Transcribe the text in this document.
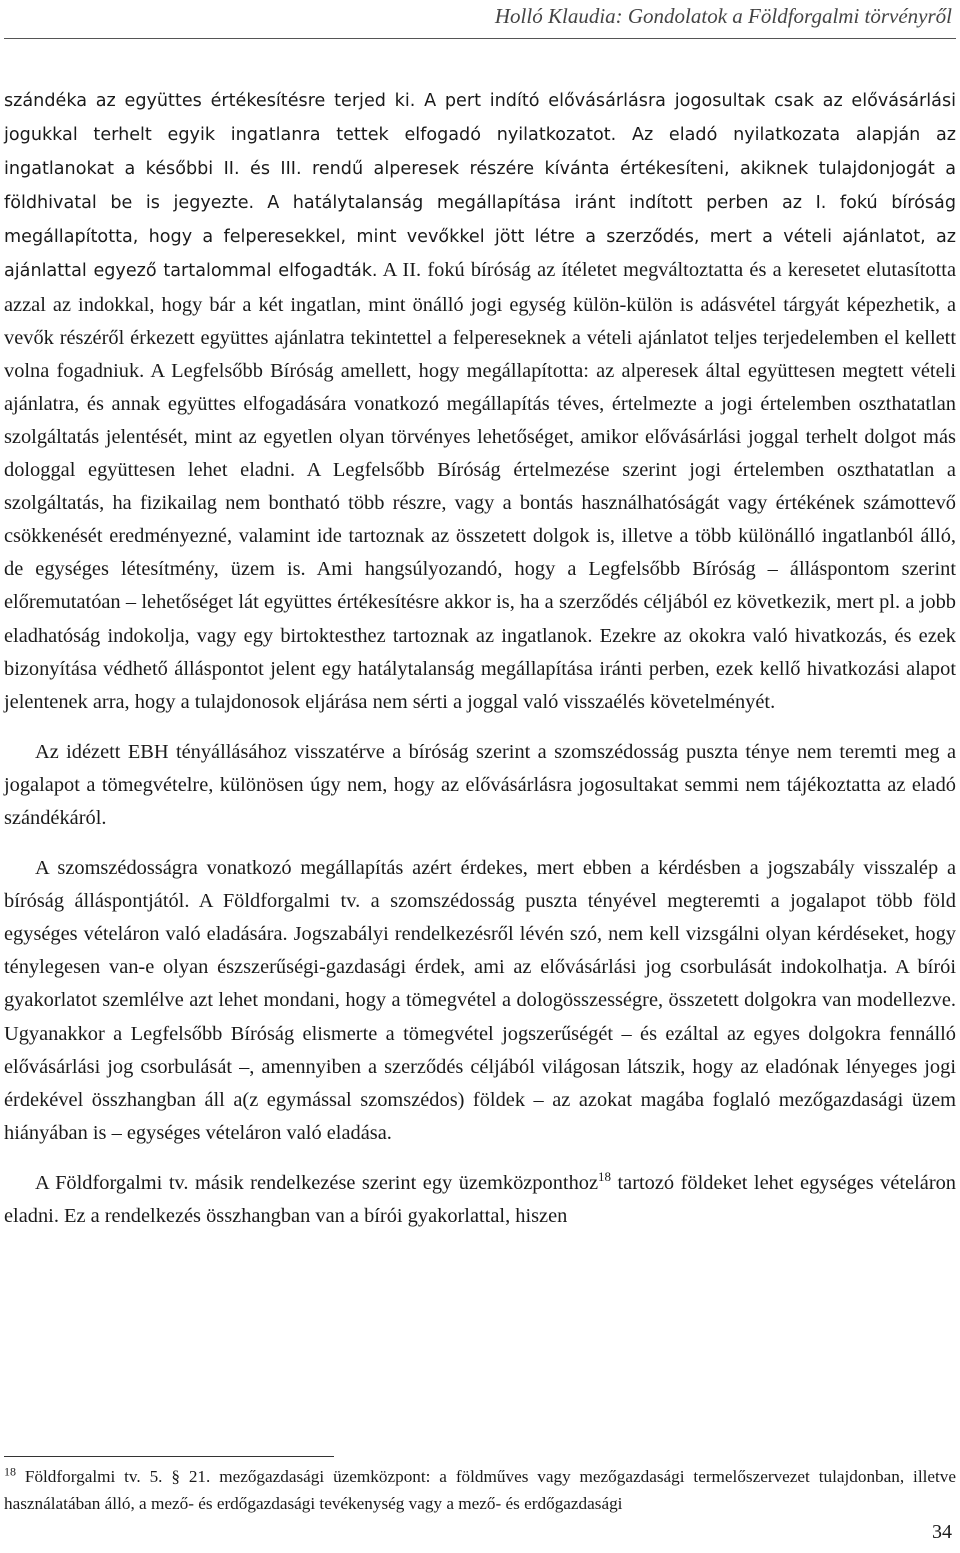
Holló Klaudia: Gondolatok a Földforgalmi törvényről

szándéka az együttes értékesítésre terjed ki. A pert indító elővásárlásra jogosultak csak az elővásárlási jogukkal terhelt egyik ingatlanra tettek elfogadó nyilatkozatot. Az eladó nyilatkozata alapján az ingatlanokat a későbbi II. és III. rendű alperesek részére kívánta értékesíteni, akiknek tulajdonjogát a földhivatal be is jegyezte. A hatálytalanság megállapítása iránt indított perben az I. fokú bíróság megállapította, hogy a felperesekkel, mint vevőkkel jött létre a szerződés, mert a vételi ajánlatot, az ajánlattal egyező tartalommal elfogadták. A II. fokú bíróság az ítéletet megváltoztatta és a keresetet elutasította azzal az indokkal, hogy bár a két ingatlan, mint önálló jogi egység külön-külön is adásvétel tárgyát képezhetik, a vevők részéről érkezett együttes ajánlatra tekintettel a felpereseknek a vételi ajánlatot teljes terjedelemben el kellett volna fogadniuk. A Legfelsőbb Bíróság amellett, hogy megállapította: az alperesek által együttesen megtett vételi ajánlatra, és annak együttes elfogadására vonatkozó megállapítás téves, értelmezte a jogi értelemben oszthatatlan szolgáltatás jelentését, mint az egyetlen olyan törvényes lehetőséget, amikor elővásárlási joggal terhelt dolgot más dologgal együttesen lehet eladni. A Legfelsőbb Bíróság értelmezése szerint jogi értelemben oszthatatlan a szolgáltatás, ha fizikailag nem bontható több részre, vagy a bontás használhatóságát vagy értékének számottevő csökkenését eredményezné, valamint ide tartoznak az összetett dolgok is, illetve a több különálló ingatlanból álló, de egységes létesítmény, üzem is. Ami hangsúlyozandó, hogy a Legfelsőbb Bíróság – álláspontom szerint előremutatóan – lehetőséget lát együttes értékesítésre akkor is, ha a szerződés céljából ez következik, mert pl. a jobb eladhatóság indokolja, vagy egy birtoktesthez tartoznak az ingatlanok. Ezekre az okokra való hivatkozás, és ezek bizonyítása védhető álláspontot jelent egy hatálytalanság megállapítása iránti perben, ezek kellő hivatkozási alapot jelentenek arra, hogy a tulajdonosok eljárása nem sérti a joggal való visszaélés követelményét.

Az idézett EBH tényállásához visszatérve a bíróság szerint a szomszédosság puszta ténye nem teremti meg a jogalapot a tömegvételre, különösen úgy nem, hogy az elővásárlásra jogosultakat semmi nem tájékoztatta az eladó szándékáról.

A szomszédosságra vonatkozó megállapítás azért érdekes, mert ebben a kérdésben a jogszabály visszalép a bíróság álláspontjától. A Földforgalmi tv. a szomszédosság puszta tényével megteremti a jogalapot több föld egységes vételáron való eladására. Jogszabályi rendelkezésről lévén szó, nem kell vizsgálni olyan kérdéseket, hogy ténylegesen van-e olyan észszerűségi-gazdasági érdek, ami az elővásárlási jog csorbulását indokolhatja. A bírói gyakorlatot szemlélve azt lehet mondani, hogy a tömegvétel a dologösszességre, összetett dolgokra van modellezve. Ugyanakkor a Legfelsőbb Bíróság elismerte a tömegvétel jogszerűségét – és ezáltal az egyes dolgokra fennálló elővásárlási jog csorbulását –, amennyiben a szerződés céljából világosan látszik, hogy az eladónak lényeges jogi érdekével összhangban áll a(z egymással szomszédos) földek – az azokat magába foglaló mezőgazdasági üzem hiányában is – egységes vételáron való eladása.

A Földforgalmi tv. másik rendelkezése szerint egy üzemközponthoz$^{18}$ tartozó földeket lehet egységes vételáron eladni. Ez a rendelkezés összhangban van a bírói gyakorlattal, hiszen

$^{18}$ Földforgalmi tv. 5. § 21. mezőgazdasági üzemközpont: a földműves vagy mezőgazdasági termelőszervezet tulajdonban, illetve használatában álló, a mező- és erdőgazdasági tevékenység vagy a mező- és erdőgazdasági
34
